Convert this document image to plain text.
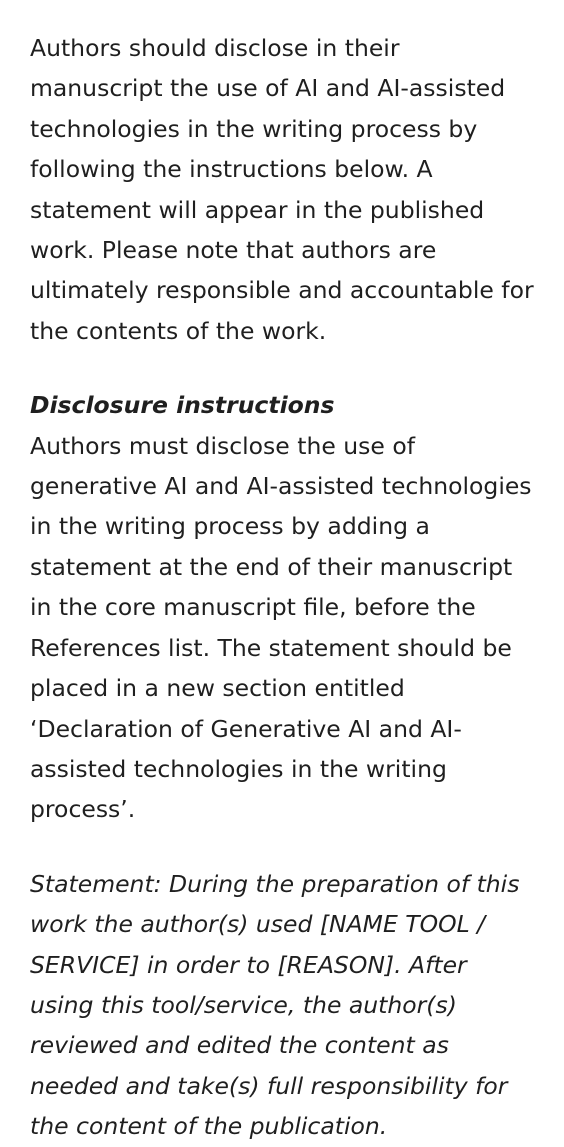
Authors should disclose in their manuscript the use of AI and AI-assisted technologies in the writing process by following the instructions below. A statement will appear in the published work. Please note that authors are ultimately responsible and accountable for the contents of the work.

Disclosure instructions

Authors must disclose the use of generative AI and AI-assisted technologies in the writing process by adding a statement at the end of their manuscript in the core manuscript file, before the References list. The statement should be placed in a new section entitled ‘Declaration of Generative AI and AI-assisted technologies in the writing process’.

Statement: During the preparation of this work the author(s) used [NAME TOOL / SERVICE] in order to [REASON]. After using this tool/service, the author(s) reviewed and edited the content as needed and take(s) full responsibility for the content of the publication.
